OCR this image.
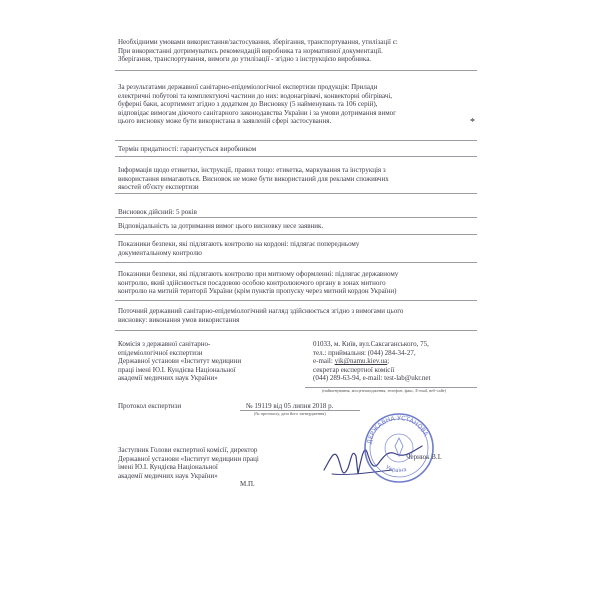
Необхідними умовами використання/застосування, зберігання, транспортування, утилізації є:
При використанні дотримуватись рекомендацій виробника та нормативної документації.
Зберігання, транспортування, вимоги до утилізації - згідно з інструкцією виробника.
За результатами державної санітарно-епідеміологічної експертизи продукція: Прилади
електричні побутові та комплектуючі частини до них: водонагрівачі, конвекторні обігрівачі,
буферні баки, асортимент згідно з додатком до Висновку (5 найменувань та 106 серій),
відповідає вимогам діючого санітарного законодавства України і за умови дотримання вимог
цього висновку може бути використана в заявленій сфері застосування.	*
Термін придатності: гарантується виробником
Інформація щодо етикетки, інструкції, правил тощо: етикетка, маркування та інструкція з
використання вимагаються. Висновок не може бути використаний для реклами споживчих
якостей об'єкту експертизи
Висновок дійсний: 5 років
Відповідальність за дотримання вимог цього висновку несе заявник.
Показники безпеки, які підлягають контролю на кордоні: підлягає попередньому
документальному контролю
Показники безпеки, які підлягають контролю при митному оформленні: підлягає державному
контролю, який здійснюється посадовою особою контролюючого органу в зонах митного
контролю на митній території України (крім пунктів пропуску через митний кордон України)
Поточний державний санітарно-епідеміологічний нагляд здійснюється згідно з вимогами цього
висновку: виконання умов використання
Комісія з державної санітарно-
епідеміологічної експертизи
Державної установи «Інститут медицини
праці імені Ю.І. Кундієва Національної
академії медичних наук України»
01033, м. Київ, вул.Саксаганського, 75,
тел.: приймальня: (044) 284-34-27,
e-mail: yik@namu.kiev.ua;
секретар експертної комісії
(044) 289-63-94, e-mail: test-lab@ukr.net
(найменування, місцезнаходження, телефон, факс, E-mail, веб-сайт)
Протокол експертизи	№ 19119 від 05 липня 2018 р.
(№ протоколу, дата його затвердження)
Заступник Голови експертної комісії, директор
Державної установи «Інститут медицини праці
імені Ю.І. Кундієва Національної
академії медичних наук України»
М.П.
Чернюк В.І.
ДЕРЖАВНА УСТАНОВА
Україна
